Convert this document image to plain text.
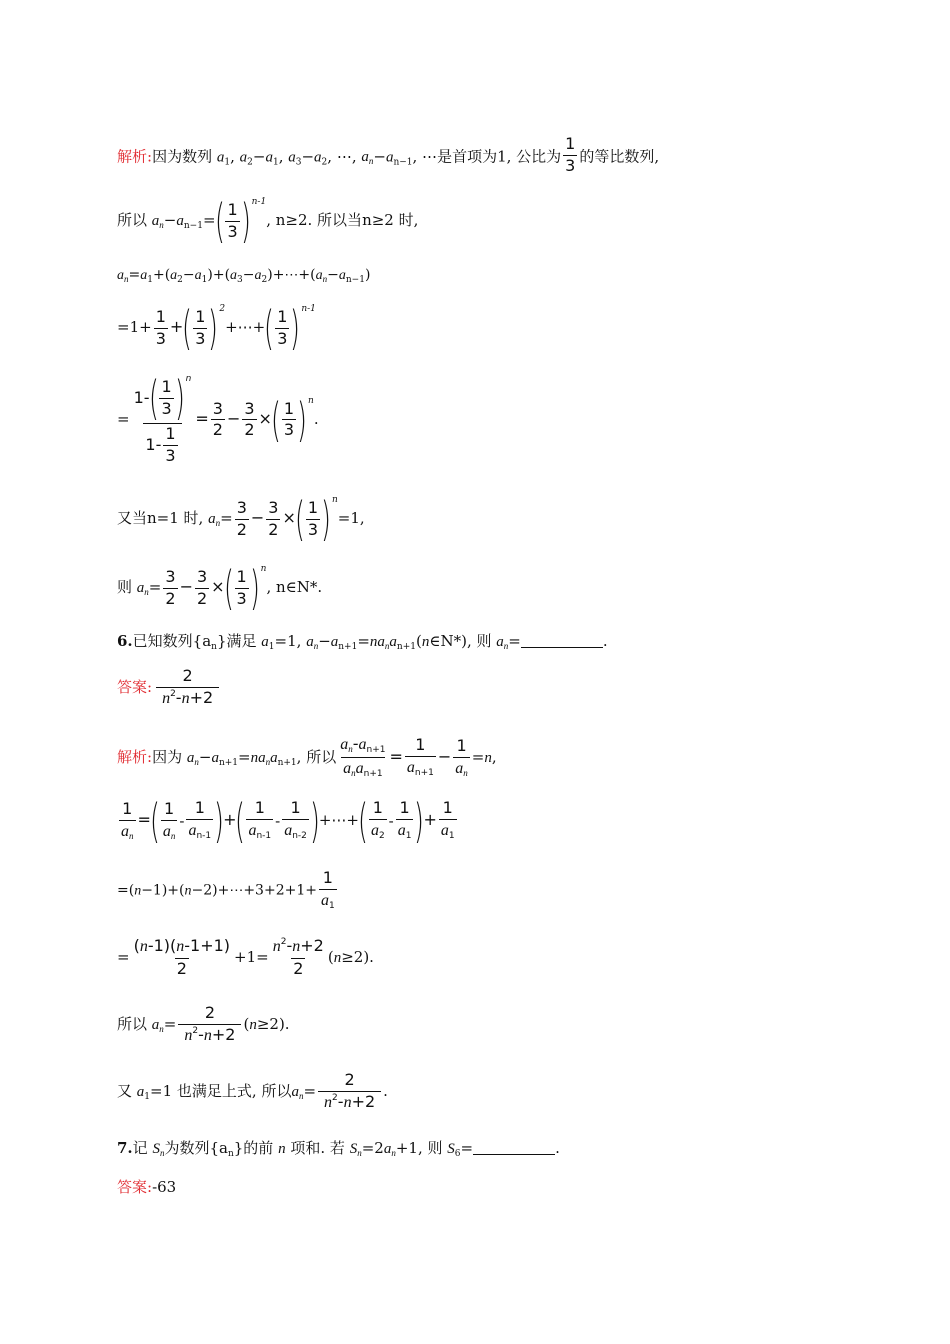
解析:因为数列 $a_1$, $a_2-a_1$, $a_3-a_2$, ⋯, $a_n-a_{n-1}$, ⋯是首项为1, 公比为 $\frac{1}{3}$ 的等比数列,
所以 $a_n-a_{n-1}=$ ( 1
3 ) n-1
, n≥2. 所以当n≥2 时,
$a_n=a_1+(a_2-a_1)+(a_3-a_2)+\cdots+(a_n-a_{n-1})$
$=1+ \frac{1}{3}$ + ( 1
3 ) 2
+⋯+ ( 1
3 ) n-1
= 1- ( 1
3 ) n
$1- \frac{1}{3} = \frac{3}{2} - \frac{3}{2}$ × ( 1
3 ) n
.
又当n=1 时, $a_n= \frac{3}{2} - \frac{3}{2}$ × ( 1
3 ) n
=1,
则 $a_n= \frac{3}{2} - \frac{3}{2}$ × ( 1
3 ) n
, n∈N*.
6.已知数列$\{a_n\}$满足 $a_1=1$, $a_n-a_{n+1}=na_na_{n+1}(n\in N*)$, 则 $a_n=$	.
答案: $\frac{2}{n^2-n+2}$
解析:因为 $a_n-a_{n+1}=na_na_{n+1}$, 所以
$a_n-a_{n+1}$
$a_na_{n+1}$
= $\frac{1}{a_{n+1}} - \frac{1}{a_n} =n$,
$\frac{1}{a_n}$ = ( 1
$a_n$
-
1
$a_{n-1}$ ) + ( 1
$a_{n-1}$
-
1
$a_{n-2}$ ) +⋯+ ( 1
$a_2$
-
1
$a_1$ ) + $\frac{1}{a_1}$
=(n−1)+(n−2)+⋯+3+2+1+ $\frac{1}{a_1}$
= $\frac{(n-1)(n-1+1)}{2} +1= \frac{n^2-n+2}{2} (n\ge 2)$.
所以 $a_n= \frac{2}{n^2-n+2} (n\ge 2)$.
又 $a_1=1$ 也满足上式, 所以$a_n= \frac{2}{n^2-n+2}$ .
7.记 $S_n$为数列$\{a_n\}$的前 n 项和. 若 $S_n=2a_n+1$, 则 $S_6=$	.
答案:-63
